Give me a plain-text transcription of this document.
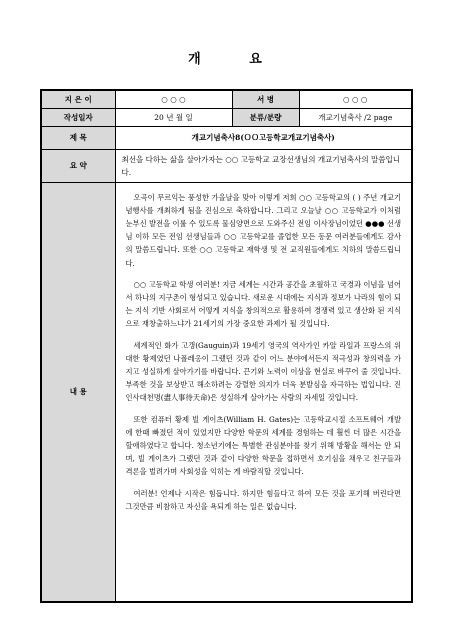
개 요
지 은 이	○ ○ ○	서 병	○ ○ ○
작성일자	20 년 월 일	분류/분량	개교기념축사 /2 page
제 목	개교기념축사8(ＯＯ고등학교개교기념축사)		
요 약	최선을 다하는 삶을 살아가자는 ○○ 고등학교 교장선생님의 개교기념축사의 말씀입니다.		
내 용	오곡이 무르익는 풍성한 가을날을 맞아 이렇게 저희 ○○ 고등학교의 ( ) 주년 개교기념행사를 개최하게 됨을 진심으로 축하합니다. 그리고 오늘날 ○○ 고등학교가 이처럼 눈부신 발전을 이룰 수 있도록 물심양면으로 도와주신 전임 이사장님이었던 ●●● 선생님 이하 모든 전임 선생님들과 ○○ 고등학교를 졸업한 모든 동문 여러분들에게도 감사의 말씀드립니다. 또한 ○○ 고등학교 재학생 및 전 교직원들에게도 치하의 말씀드립니다.

○○ 고등학교 학생 여러분! 지금 세계는 시간과 공간을 초월하고 국경과 이념을 넘어서 하나의 지구촌이 형성되고 있습니다. 새로운 시대에는 지식과 정보가 나라의 힘이 되는 지식 기반 사회로서 어떻게 지식을 창의적으로 활용하여 경쟁력 있고 생산화 된 지식으로 재창출하느냐가 21세기의 가장 중요한 과제가 될 것입니다.

세계적인 화가 고갱(Gauguin)과 19세기 영국의 역사가인 카알 라일과 프랑스의 위대한 황제였던 나폴레옹이 그랬던 것과 같이 어느 분야에서든지 적극성과 창의력을 가지고 성실하게 살아가기를 바랍니다. 끈기와 노력이 이상을 현실로 바꾸어 줄 것입니다. 부족한 것을 보상받고 해소하려는 강렬한 의지가 더욱 분발심을 자극하는 법입니다. 진인사대천명(盡人事待天命)은 성실하게 살아가는 사람의 자세일 것입니다.

또한 컴퓨터 황제 빌 게이츠(William H. Gates)는 고등학교시절 소프트웨어 개발에 한때 빠졌던 적이 있었지만 다양한 학문의 세계를 경험하는 데 훨씬 더 많은 시간을 할애하였다고 합니다. 청소년기에는 특별한 관심분야를 찾기 위해 방황을 해서는 안 되며, 빌 게이츠가 그랬던 것과 같이 다양한 학문을 접하면서 호기심을 채우고 친구들과 격론을 벌려가며 사회성을 익히는 게 바람직할 것입니다.

여러분! 언제나 시작은 힘듭니다. 하지만 힘들다고 하여 모든 것을 포기해 버린다면 그것만큼 비참하고 자신을 욕되게 하는 일은 없습니다.		
